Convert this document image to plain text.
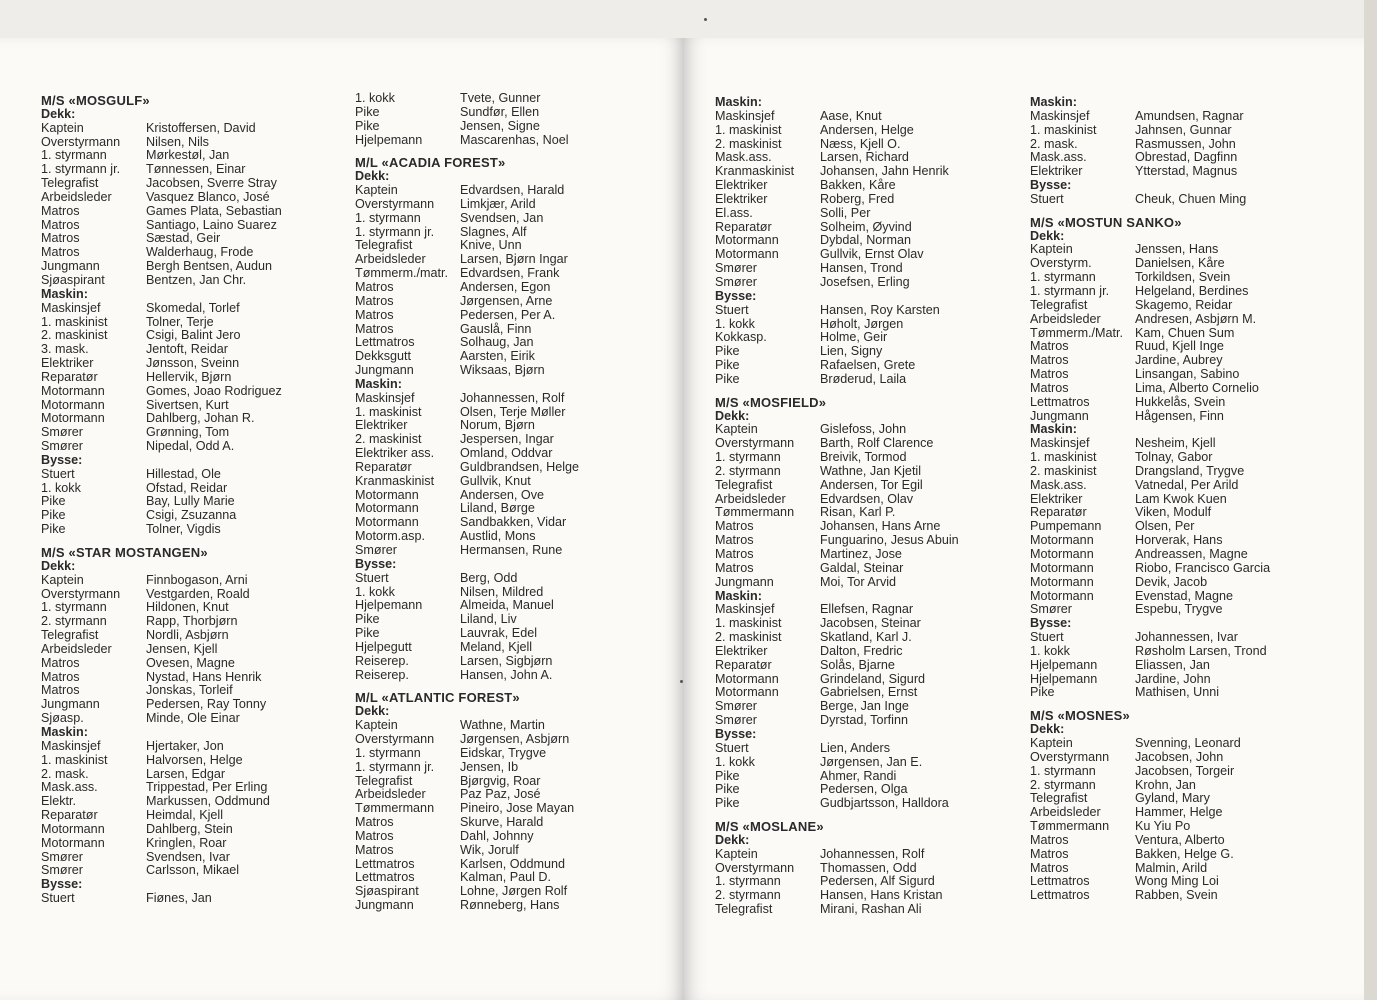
M/S «MOSGULF»
Dekk:
Kaptein	Kristoffersen, David
Overstyrmann	Nilsen, Nils
1. styrmann	Mørkestøl, Jan
1. styrmann jr.	Tønnessen, Einar
Telegrafist	Jacobsen, Sverre Stray
Arbeidsleder	Vasquez Blanco, José
Matros	Games Plata, Sebastian
Matros	Santiago, Laino Suarez
Matros	Sæstad, Geir
Matros	Walderhaug, Frode
Jungmann	Bergh Bentsen, Audun
Sjøaspirant	Bentzen, Jan Chr.
Maskin:
Maskinsjef	Skomedal, Torlef
1. maskinist	Tolner, Terje
2. maskinist	Csigi, Balint Jero
3. mask.	Jentoft, Reidar
Elektriker	Jønsson, Sveinn
Reparatør	Hellervik, Bjørn
Motormann	Gomes, Joao Rodriguez
Motormann	Sivertsen, Kurt
Motormann	Dahlberg, Johan R.
Smører	Grønning, Tom
Smører	Nipedal, Odd A.
Bysse:
Stuert	Hillestad, Ole
1. kokk	Ofstad, Reidar
Pike	Bay, Lully Marie
Pike	Csigi, Zsuzanna
Pike	Tolner, Vigdis
M/S «STAR MOSTANGEN»
Dekk:
Kaptein	Finnbogason, Arni
Overstyrmann	Vestgarden, Roald
1. styrmann	Hildonen, Knut
2. styrmann	Rapp, Thorbjørn
Telegrafist	Nordli, Asbjørn
Arbeidsleder	Jensen, Kjell
Matros	Ovesen, Magne
Matros	Nystad, Hans Henrik
Matros	Jonskas, Torleif
Jungmann	Pedersen, Ray Tonny
Sjøasp.	Minde, Ole Einar
Maskin:
Maskinsjef	Hjertaker, Jon
1. maskinist	Halvorsen, Helge
2. mask.	Larsen, Edgar
Mask.ass.	Trippestad, Per Erling
Elektr.	Markussen, Oddmund
Reparatør	Heimdal, Kjell
Motormann	Dahlberg, Stein
Motormann	Kringlen, Roar
Smører	Svendsen, Ivar
Smører	Carlsson, Mikael
Bysse:
Stuert	Fiønes, Jan
1. kokk	Tvete, Gunner
Pike	Sundfør, Ellen
Pike	Jensen, Signe
Hjelpemann	Mascarenhas, Noel
M/L «ACADIA FOREST»
Dekk:
Kaptein	Edvardsen, Harald
Overstyrmann	Limkjær, Arild
1. styrmann	Svendsen, Jan
1. styrmann jr.	Slagnes, Alf
Telegrafist	Knive, Unn
Arbeidsleder	Larsen, Bjørn Ingar
Tømmerm./matr. Edvardsen, Frank
Matros	Andersen, Egon
Matros	Jørgensen, Arne
Matros	Pedersen, Per A.
Matros	Gauslå, Finn
Lettmatros	Solhaug, Jan
Dekksgutt	Aarsten, Eirik
Jungmann	Wiksaas, Bjørn
Maskin:
Maskinsjef	Johannessen, Rolf
1. maskinist	Olsen, Terje Møller
Elektriker	Norum, Bjørn
2. maskinist	Jespersen, Ingar
Elektriker ass.	Omland, Oddvar
Reparatør	Guldbrandsen, Helge
Kranmaskinist	Gullvik, Knut
Motormann	Andersen, Ove
Motormann	Liland, Børge
Motormann	Sandbakken, Vidar
Motorm.asp.	Austlid, Mons
Smører	Hermansen, Rune
Bysse:
Stuert	Berg, Odd
1. kokk	Nilsen, Mildred
Hjelpemann	Almeida, Manuel
Pike	Liland, Liv
Pike	Lauvrak, Edel
Hjelpegutt	Meland, Kjell
Reiserep.	Larsen, Sigbjørn
Reiserep.	Hansen, John A.
M/L «ATLANTIC FOREST»
Dekk:
Kaptein	Wathne, Martin
Overstyrmann	Jørgensen, Asbjørn
1. styrmann	Eidskar, Trygve
1. styrmann jr.	Jensen, Ib
Telegrafist	Bjørgvig, Roar
Arbeidsleder	Paz Paz, José
Tømmermann	Pineiro, Jose Mayan
Matros	Skurve, Harald
Matros	Dahl, Johnny
Matros	Wik, Jorulf
Lettmatros	Karlsen, Oddmund
Lettmatros	Kalman, Paul D.
Sjøaspirant	Lohne, Jørgen Rolf
Jungmann	Rønneberg, Hans
Maskin:
Maskinsjef	Aase, Knut
1. maskinist	Andersen, Helge
2. maskinist	Næss, Kjell O.
Mask.ass.	Larsen, Richard
Kranmaskinist	Johansen, Jahn Henrik
Elektriker	Bakken, Kåre
Elektriker	Roberg, Fred
El.ass.	Solli, Per
Reparatør	Solheim, Øyvind
Motormann	Dybdal, Norman
Motormann	Gullvik, Ernst Olav
Smører	Hansen, Trond
Smører	Josefsen, Erling
Bysse:
Stuert	Hansen, Roy Karsten
1. kokk	Høholt, Jørgen
Kokkasp.	Holme, Geir
Pike	Lien, Signy
Pike	Rafaelsen, Grete
Pike	Brøderud, Laila
M/S «MOSFIELD»
Dekk:
Kaptein	Gislefoss, John
Overstyrmann	Barth, Rolf Clarence
1. styrmann	Breivik, Tormod
2. styrmann	Wathne, Jan Kjetil
Telegrafist	Andersen, Tor Egil
Arbeidsleder	Edvardsen, Olav
Tømmermann	Risan, Karl P.
Matros	Johansen, Hans Arne
Matros	Funguarino, Jesus Abuin
Matros	Martinez, Jose
Matros	Galdal, Steinar
Jungmann	Moi, Tor Arvid
Maskin:
Maskinsjef	Ellefsen, Ragnar
1. maskinist	Jacobsen, Steinar
2. maskinist	Skatland, Karl J.
Elektriker	Dalton, Fredric
Reparatør	Solås, Bjarne
Motormann	Grindeland, Sigurd
Motormann	Gabrielsen, Ernst
Smører	Berge, Jan Inge
Smører	Dyrstad, Torfinn
Bysse:
Stuert	Lien, Anders
1. kokk	Jørgensen, Jan E.
Pike	Ahmer, Randi
Pike	Pedersen, Olga
Pike	Gudbjartsson, Halldora
M/S «MOSLANE»
Dekk:
Kaptein	Johannessen, Rolf
Overstyrmann	Thomassen, Odd
1. styrmann	Pedersen, Alf Sigurd
2. styrmann	Hansen, Hans Kristan
Telegrafist	Mirani, Rashan Ali
Maskin:
Maskinsjef	Amundsen, Ragnar
1. maskinist	Jahnsen, Gunnar
2. mask.	Rasmussen, John
Mask.ass.	Obrestad, Dagfinn
Elektriker	Ytterstad, Magnus
Bysse:
Stuert	Cheuk, Chuen Ming
M/S «MOSTUN SANKO»
Dekk:
Kaptein	Jenssen, Hans
Overstyrm.	Danielsen, Kåre
1. styrmann	Torkildsen, Svein
1. styrmann jr.	Helgeland, Berdines
Telegrafist	Skagemo, Reidar
Arbeidsleder	Andresen, Asbjørn M.
Tømmerm./Matr. Kam, Chuen Sum
Matros	Ruud, Kjell Inge
Matros	Jardine, Aubrey
Matros	Linsangan, Sabino
Matros	Lima, Alberto Cornelio
Lettmatros	Hukkelås, Svein
Jungmann	Hågensen, Finn
Maskin:
Maskinsjef	Nesheim, Kjell
1. maskinist	Tolnay, Gabor
2. maskinist	Drangsland, Trygve
Mask.ass.	Vatnedal, Per Arild
Elektriker	Lam Kwok Kuen
Reparatør	Viken, Modulf
Pumpemann	Olsen, Per
Motormann	Horverak, Hans
Motormann	Andreassen, Magne
Motormann	Riobo, Francisco Garcia
Motormann	Devik, Jacob
Motormann	Evenstad, Magne
Smører	Espebu, Trygve
Bysse:
Stuert	Johannessen, Ivar
1. kokk	Røsholm Larsen, Trond
Hjelpemann	Eliassen, Jan
Hjelpemann	Jardine, John
Pike	Mathisen, Unni
M/S «MOSNES»
Dekk:
Kaptein	Svenning, Leonard
Overstyrmann	Jacobsen, John
1. styrmann	Jacobsen, Torgeir
2. styrmann	Krohn, Jan
Telegrafist	Gyland, Mary
Arbeidsleder	Hammer, Helge
Tømmermann	Ku Yiu Po
Matros	Ventura, Alberto
Matros	Bakken, Helge G.
Matros	Malmin, Arild
Lettmatros	Wong Ming Loi
Lettmatros	Rabben, Svein
